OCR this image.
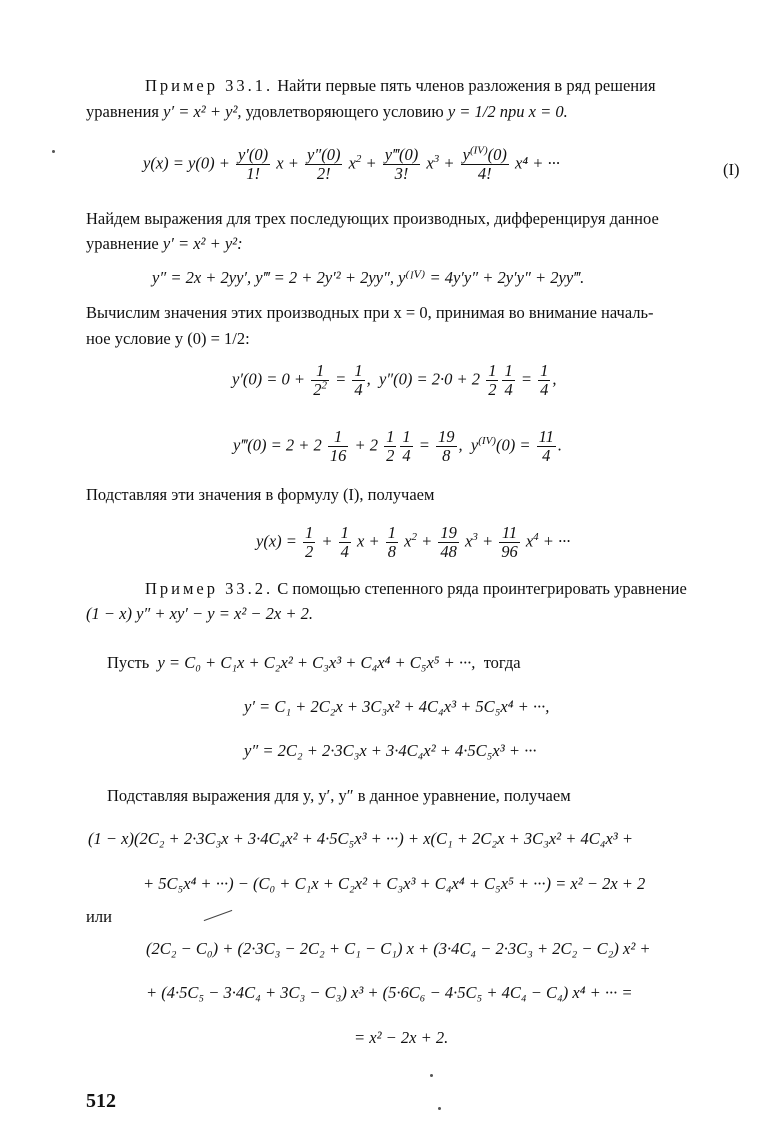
Пример 33.1. Найти первые пять членов разложения в ряд решения
уравнения y′ = x² + y², удовлетворяющего условию y = 1/2 при x = 0.
$y(x) = y(0) + \frac{y'(0)}{1!}$ $x + \frac{y''(0)}{2!} x^2 + \frac{y‴(0)}{3!} x^3 + \frac{y^{(IV)}(0)}{4!} x^4$ + ···	(I)
Найдем выражения для трех последующих производных, дифференцируя данное
уравнение y′ = x² + y²:
y″ = 2x + 2yy′, y‴ = 2 + 2y′² + 2yy″, y⁽ᴵⱽ⁾ = 4y′y″ + 2y′y″ + 2yy‴.
Вычислим значения этих производных при x = 0, принимая во внимание началь-
ное условие y (0) = 1/2:
$y'(0) = 0 + \frac{1}{2^2} = \frac{1}{4}$ ,  $y''(0) = 2\cdot 0 + 2 \frac{1}{2} \frac{1}{4} = \frac{1}{4}$ ,
y‴(0) = $2 + 2 \frac{1}{16} + 2 \frac{1}{2} \frac{1}{4} = \frac{19}{8}$ ,  $y^{(IV)}(0) = \frac{11}{4}$ .
Подставляя эти значения в формулу (I), получаем
$y(x) = \frac{1}{2} + \frac{1}{4}$ $x + \frac{1}{8} x^2 + \frac{19}{48} x^3 + \frac{11}{96} x^4$ + ···
Пример 33.2. С помощью степенного ряда проинтегрировать уравнение
(1 − x) y″ + xy′ − y = x² − 2x + 2.
Пусть y = C₀ + C₁x + C₂x² + C₃x³ + C₄x⁴ + C₅x⁵ + ···, тогда
y′ = C₁ + 2C₂x + 3C₃x² + 4C₄x³ + 5C₅x⁴ + ···,
y″ = 2C₂ + 2·3C₃x + 3·4C₄x² + 4·5C₅x³ + ···
Подставляя выражения для y, y′, y″ в данное уравнение, получаем
(1 − x)(2C₂ + 2·3C₃x + 3·4C₄x² + 4·5C₅x³ + ···) + x(C₁ + 2C₂x + 3C₃x² + 4C₄x³ +
+ 5C₅x⁴ + ···) − (C₀ + C₁x + C₂x² + C₃x³ + C₄x⁴ + C₅x⁵ + ···) = x² − 2x + 2
или
(2C₂ − C₀) + (2·3C₃ − 2C₂ + C₁ − C₁) x + (3·4C₄ − 2·3C₃ + 2C₂ − C₂) x² +
+ (4·5C₅ − 3·4C₄ + 3C₃ − C₃) x³ + (5·6C₆ − 4·5C₅ + 4C₄ − C₄) x⁴ + ··· =
= x² − 2x + 2.
512
